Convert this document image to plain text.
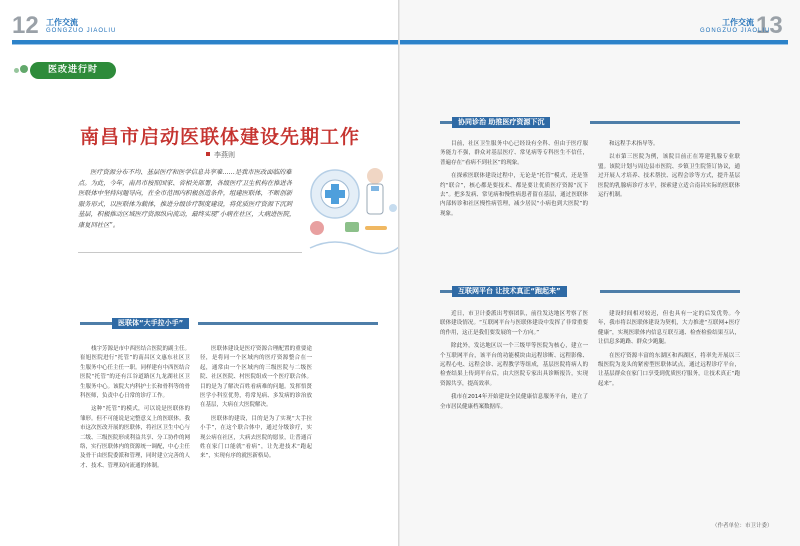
12 工作交流
GONGZUO JIAOLIU
医改进行时
南昌市启动医联体建设先期工作
李燕则
医疗资源分布不均、基层医疗和医学信息共享难……是我市医改面临的难点。为此，今年，南昌市按照国家、省相关部署，各级医疗卫生机构在推进各医联体中坚持问题导向，在全市范围内积极创造条件，组建医联体，不断创新服务形式，以医联体为载体，推进分级诊疗制度建设，将优质医疗资源下沉到基层，积极推动区域医疗资源纵向流动，最终实现“小病在社区，大病进医院，康复回社区”。
医联体“大手拉小手”

栈宇芳源是市中西医结合医院的副主任。崔旭医院进行“托管”的南昌区文惠东社区卫生服务中心任主任一职。同样建有中西医结合医院“托管”的还有江谷道路区九龙湖社区卫生服务中心。该院大内科护士长和骨科等的骨科医师，负责中心日常的诊疗工作。

这种“托管”的模式，可以说是医联体的雏形。但不可能说是完整意义上的医联体。我市这次医改开展的医联体，将社区卫生中心与二级、三级医院形成利益共享、分工协作的网络，实行医联体内的资源统一调配，中心主任及骨干由医院委派和管理，同时建立完善的人才、技术、管理双向流通的体制。

医联体建设是医疗资源合理配置的重要途径，是将同一个区域内的医疗资源整合在一起，通常由一个区域内的三级医院与二级医院、社区医院、村医院组成一个医疗联合体。目的是为了解决百姓看病难的问题。发挥悟贤医学小科室优势，将常见病、多发病的诊治放在基层，大病在大医院解决。

医联体的建设，目的是为了实现“大手拉小手”，在这个联合体中，通过分级诊疗，实现公病在社区，大病去医院的愿景，让普通百姓在家门口能就“看病”，让先进技术“跑起来”，实现有序的就医新格局。

13
工作交流
GONGZUO JIAOLIU
协同诊治 助推医疗资源下沉

目前，社区卫生服务中心已经设有全科、但由于医疗服务能力不强，群众对基层医疗、常见病等专科医生不信任，普遍存在“看病不到社区”的现象。

在探索医联体建设过程中，无论是“托管”模式，还是签约“联合”，核心都是要技术、都是要让优质医疗资源“沉下去”。把多发病、常见病和慢性病患者留在基层，通过医联体内部转诊和社区慢性病管理，减少居民“小病也到大医院”的现象。

和远程手术指导等。

以市第三医院为例，该院目前正在筹建乳腺专业联盟。该院计划与周边县市医院、乡镇卫生院签订协议，通过开展人才培养、技术帮扶、远程会诊等方式，提升基层医院的乳腺病诊疗水平，探索建立适合南昌实际的医联体运行机制。

互联网平台 让技术真正“跑起来”

近日，市卫计委派出考察团队，前往发达地区考察了医联体建设情况。“互联网平台与医联体建设中发挥了非常重要的作用，这正是我们要发展的一个方向。”

除此外，发达地区以一个三级甲等医院为核心，建立一个互联网平台，该平台的功能模块由远程诊断、远程影像、远程心电、远程会诊、远程教学等组成，基层医院将病人的检查结果上传到平台后，由大医院专家出具诊断报告，实现资源共享，提高效率。

我市在2014年开始建设全民健康信息服务平台，建立了全市居民健康档案数据库。

建设时间相对较迟，但也具有一定的后发优势。今年，我市将以医联体建设为契机，大力推进“互联网+医疗健康”，实现医联体内信息互联互通、检查检验结果互认，让信息多跑路、群众少跑腿。

在医疗资源丰富的东湖区和西湖区，将率先开展以三级医院为龙头的紧密型医联体试点，通过远程诊疗平台，让基层群众在家门口享受到优质医疗服务，让技术真正“跑起来”。

（作者单位：市卫计委）
